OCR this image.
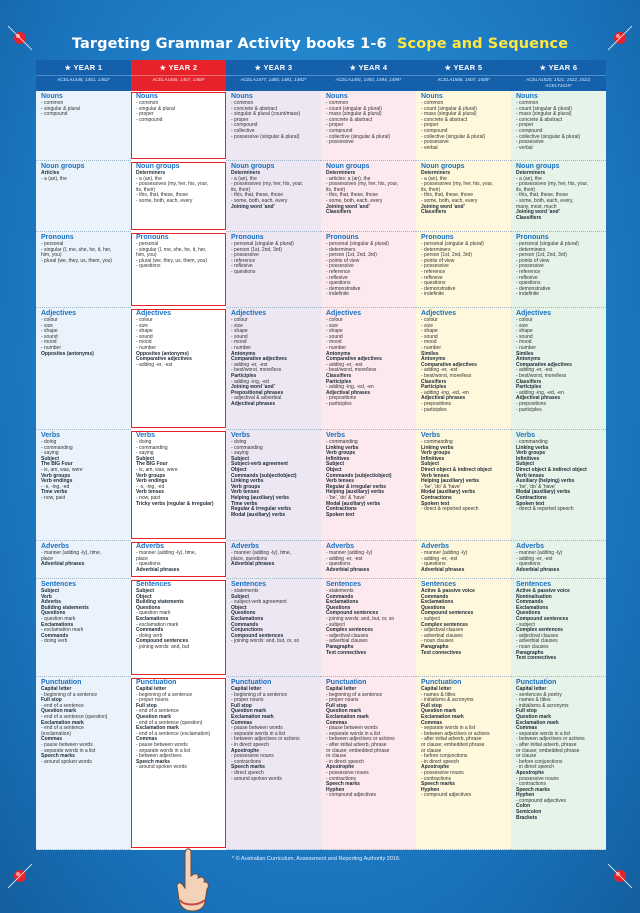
Targeting Grammar Activity books 1-6 Scope and Sequence
★ YEAR 1
ACELA1448, 1451, 1452*
Nouns
- common
- singular & plural
- compound
Noun groups
Articles
- a (an), the
Pronouns
- personal
- singular (I, me, she, he, it, her,
him, you)
- plural (we, they, us, them, you)
Adjectives
- colour
- size
- shape
- sound
- mood
- number
Opposites (antonyms)
Verbs
- doing
- commanding
- saying
Subject
The BIG Four
- is, am, was, were
Verb groups
Verb endings
- -s, -ing, -ed
Time verbs
- now, past
Adverbs
- manner (adding -ly), time,
place
Adverbial phrases
Sentences
Subject
Verb
Adverbs
Building statements
Questions
- question mark
Exclamations
- exclamation mark
Commands
- doing verb
Punctuation
Capital letter
- beginning of a sentence
Full stop
- end of a sentence
Question mark
- end of a sentence (question)
Exclamation mark
- end of a sentence
(exclamation)
Commas
- pause between words
- separate words in a list
Speech marks
- around spoken words
★ YEAR 2
ACELA1465, 1467, 1468*
Nouns
- common
- singular & plural
- proper
- compound
Noun groups
Determiners
- a (an), the
- possessives (my, her, his, your,
its, their)
- this, that, these, those
- some, both, each, every
Pronouns
- personal
- singular (I, me, she, he, it, her,
him, you)
- plural (we, they, us, them, you)
- questions
Adjectives
- colour
- size
- shape
- sound
- mood
- number
Opposites (antonyms)
Comparative adjectives
- adding -er, -est
Verbs
- doing
- commanding
- saying
Subject
The BIG Four
- is, am, was, were
Verb groups
Verb endings
- -s, -ing, -ed
Verb tenses
- now, past
Tricky verbs (regular & irregular)
Adverbs
- manner (adding -ly), time,
place
- questions
Adverbial phrases
Sentences
Subject
Object
Building statements
Questions
- question mark
Exclamations
- exclamation mark
Commands
- doing verb
Compound sentences
- joining words: and, but
Punctuation
Capital letter
- beginning of a sentence
- proper nouns
Full stop
- end of a sentence
Question mark
- end of a sentence (question)
Exclamation mark
- end of a sentence (exclamation)
Commas
- pause between words
- separate words in a list
- between adjectives
Speech marks
- around spoken words
★ YEAR 3
ACELA1477, 1480, 1481, 1482*
Nouns
- common
- concrete & abstract
- singular & plural (count/mass)
- proper
- compound
- collective
- possessive (singular & plural)
Noun groups
Determiners
- a (an), the
- possessives (my, her, his, your,
its, their)
- this, that, these, those
- some, both, each, every
Joining word 'and'
Pronouns
- personal (singular & plural)
- person (1st, 2nd, 3rd)
- possessive
- reference
- reflexive
- questions
Adjectives
- colour
- size
- shape
- sound
- mood
- number
Antonyms
Comparative adjectives
- adding -er, -est
- best/worst, more/less
Participles
- adding -ing, -ed
Joining word 'and'
Prepositional phrases
- adjectival & adverbial
Adjectival phrases
Verbs
- doing
- commanding
- saying
Subject
Subject-verb agreement
Object
Commands (subject/object)
Linking verbs
Verb groups
Verb tenses
Helping (auxiliary) verbs
Time verbs
Regular & irregular verbs
Modal (auxiliary) verbs
Adverbs
- manner (adding -ly), time,
place, questions
Adverbial phrases
Sentences
- statements
Subject
- subject-verb agreement
Object
Questions
Exclamations
Commands
Conjunctions
Compound sentences
- joining words: and, but, or, so
Punctuation
Capital letter
- beginning of a sentence
- proper nouns
Full stop
Question mark
Exclamation mark
Commas
- pause between words
- separate words in a list
- between adjectives or actions
- in direct speech
Apostrophe
- possessive nouns
- contractions
Speech marks
- direct speech
- around spoken words
★ YEAR 4
ACELA1491, 1493, 1494, 1495*
Nouns
- common
- count (singular & plural)
- mass (singular & plural)
- concrete & abstract
- proper
- compound
- collective (singular & plural)
- possessive
Noun groups
Determiners
- articles: a (an), the
- possessives (my, her, his, your,
its, their)
- this, that, these, those
- some, both, each, every
Joining word 'and'
Classifiers
Pronouns
- personal (singular & plural)
- determiners
- person (1st, 2nd, 3rd)
- points of view
- possessive
- reference
- reflexive
- questions
- demonstrative
- indefinite
Adjectives
- colour
- size
- shape
- sound
- mood
- number
Antonyms
Comparative adjectives
- adding -er, -est
- best/worst, more/less
Classifiers
Participles
- adding -ing, -ed, -en
Adjectival phrases
- prepositions
- participles
Verbs
- commanding
Linking verbs
Verb groups
Infinitives
Subject
Object
Commands (subject/object)
Verb tenses
Regular & irregular verbs
Helping (auxiliary) verbs
- 'be', 'do' & 'have'
Modal (auxiliary) verbs
Contractions
Spoken text
Adverbs
- manner (adding -ly)
- adding -er, -est
- questions
Adverbial phrases
Sentences
- statements
Commands
Exclamations
Questions
Compound sentences
- joining words: and, but, or, so
- subject
Complex sentences
- adjectival clauses
- adverbial clauses
Paragraphs
Text connectives
Punctuation
Capital letter
- beginning of a sentence
- proper nouns
Full stop
Question mark
Exclamation mark
Commas
- pause between words
- separate words in a list
- between adjectives or actions
- after initial adverb, phrase
or clause; embedded phrase
or clause
- in direct speech
Apostrophe
- possessive nouns
- contractions
Speech marks
Hyphen
- compound adjectives
★ YEAR 5
ACELA1506, 1507, 1508*
Nouns
- common
- count (singular & plural)
- mass (singular & plural)
- concrete & abstract
- proper
- compound
- collective (singular & plural)
- possessive
- verbal
Noun groups
Determiners
- a (an), the
- possessives (my, her, his, your,
its, their)
- this, that, these, those
- some, both, each, every
Joining word 'and'
Classifiers
Pronouns
- personal (singular & plural)
- determiners
- person (1st, 2nd, 3rd)
- points of view
- possessive
- reference
- reflexive
- questions
- demonstrative
- indefinite
Adjectives
- colour
- size
- shape
- sound
- mood
- number
Similes
Antonyms
Comparative adjectives
- adding -er, -est
- best/worst, more/less
Classifiers
Participles
- adding -ing, -ed, -en
Adjectival phrases
- prepositions
- participles
Verbs
- commanding
Linking verbs
Verb groups
Infinitives
Subject
Direct object & indirect object
Verb tenses
Helping (auxiliary) verbs
- 'be', 'do' & 'have'
Modal (auxiliary) verbs
Contractions
Spoken text
- direct & reported speech
Adverbs
- manner (adding -ly)
- adding -er, -est
- questions
Adverbial phrases
Sentences
Active & passive voice
Commands
Exclamations
Questions
Compound sentences
- subject
Complex sentences
- adjectival clauses
- adverbial clauses
- noun clauses
Paragraphs
Text connectives
Punctuation
Capital letter
- names & titles
- initialisms & acronyms
Full stop
Question mark
Exclamation mark
Commas
- separate words in a list
- between adjectives or actions
- after initial adverb, phrase
or clause; embedded phrase
or clause
- before conjunctions
- in direct speech
Apostrophe
- possessive nouns
- contractions
Speech marks
Hyphen
- compound adjectives
★ YEAR 6
ACELA1520, 1521, 1522, 1523, ACELT1615*
Nouns
- common
- count (singular & plural)
- mass (singular & plural)
- concrete & abstract
- proper
- compound
- collective (singular & plural)
- possessive
- verbal
Noun groups
Determiners
- a (an), the
- possessives (my, her, his, your,
its, their)
- this, that, these, those
- some, both, each, every,
many, most, much
Joining word 'and'
Classifiers
Pronouns
- personal (singular & plural)
- determiners
- person (1st, 2nd, 3rd)
- points of view
- possessive
- reference
- reflexive
- questions
- demonstrative
- indefinite
Adjectives
- colour
- size
- shape
- sound
- mood
- number
Similes
Antonyms
Comparative adjectives
- adding -er, -est
- best/worst, more/less
Classifiers
Participles
- adding -ing, -ed, -en
Adjectival phrases
- prepositions
- participles
Verbs
- commanding
Linking verbs
Verb groups
Infinitives
Subject
Direct object & indirect object
Verb tenses
Auxiliary (helping) verbs
- 'be', 'do' & 'have'
Modal (auxiliary) verbs
Contractions
Spoken text
- direct & reported speech
Adverbs
- manner (adding -ly)
- adding -er, -est
- questions
Adverbial phrases
Sentences
Active & passive voice
Nominalisation
Commands
Exclamations
Questions
Compound sentences
- subject
Complex sentences
- adjectival clauses
- adverbial clauses
- noun clauses
Paragraphs
Text connectives
Punctuation
Capital letter
- sentences & poetry
- names & titles
- initialisms & acronyms
Full stop
Question mark
Exclamation mark
Commas
- separate words in a list
- between adjectives or actions
- after initial adverb, phrase
or clause; embedded phrase
or clause
- before conjunctions
- in direct speech
Apostrophe
- possessive nouns
- contractions
Speech marks
Hyphen
- compound adjectives
Colon
Semicolon
Brackets
* © Australian Curriculum, Assessment and Reporting Authority 2016.
